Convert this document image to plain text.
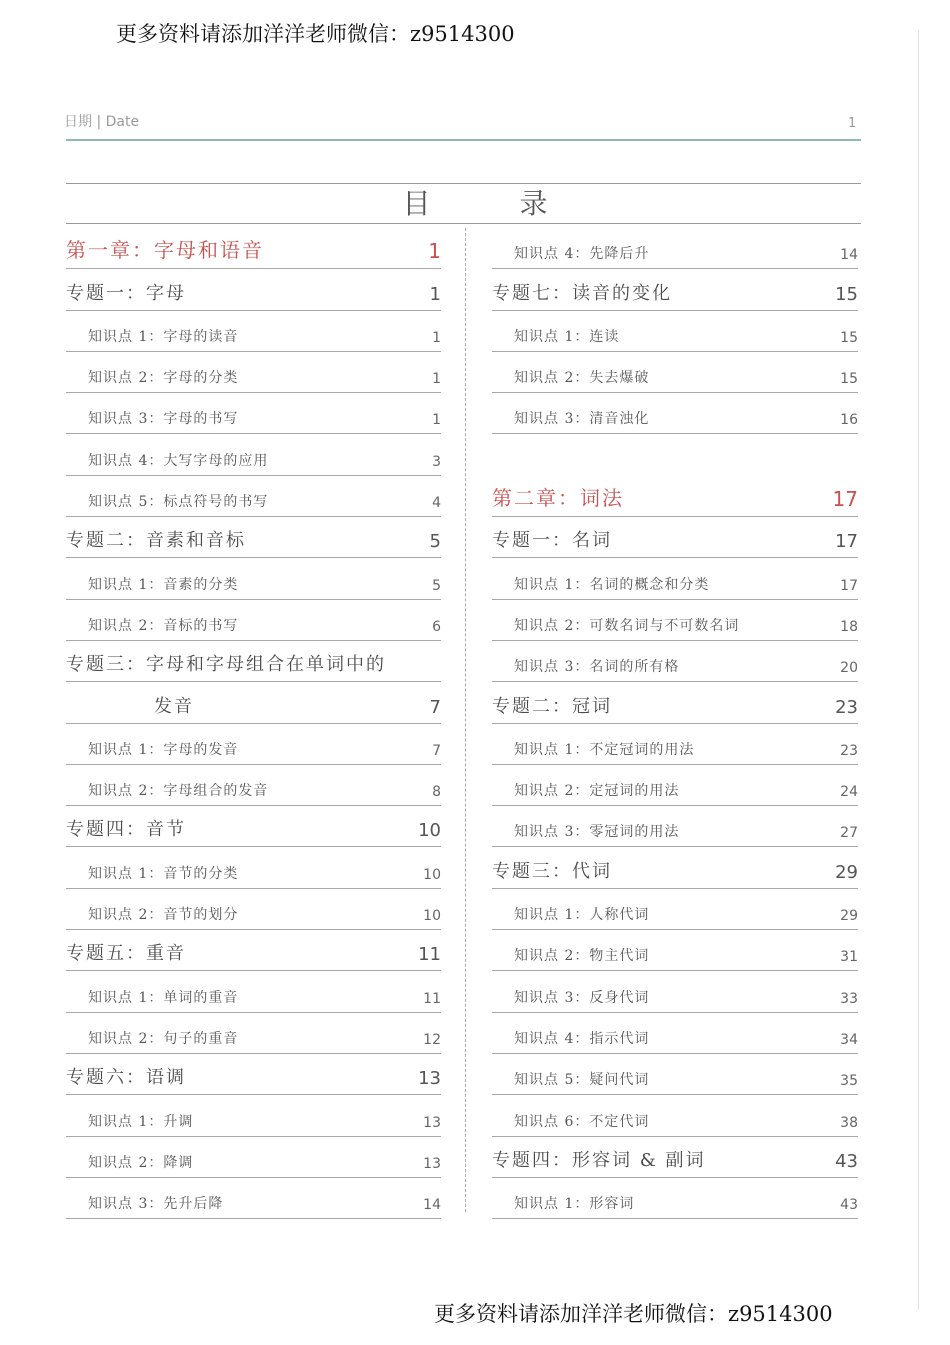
更多资料请添加洋洋老师微信：z9514300
日期 | Date	1
目 录
第一章：字母和语音	1
专题一：字母	1
知识点 1：字母的读音	1
知识点 2：字母的分类	1
知识点 3：字母的书写	1
知识点 4：大写字母的应用	3
知识点 5：标点符号的书写	4
专题二：音素和音标	5
知识点 1：音素的分类	5
知识点 2：音标的书写	6
专题三：字母和字母组合在单词中的
发音	7
知识点 1：字母的发音	7
知识点 2：字母组合的发音	8
专题四：音节	10
知识点 1：音节的分类	10
知识点 2：音节的划分	10
专题五：重音	11
知识点 1：单词的重音	11
知识点 2：句子的重音	12
专题六：语调	13
知识点 1：升调	13
知识点 2：降调	13
知识点 3：先升后降	14
知识点 4：先降后升	14
专题七：读音的变化	15
知识点 1：连读	15
知识点 2：失去爆破	15
知识点 3：清音浊化	16
第二章：词法	17
专题一：名词	17
知识点 1：名词的概念和分类	17
知识点 2：可数名词与不可数名词	18
知识点 3：名词的所有格	20
专题二：冠词	23
知识点 1：不定冠词的用法	23
知识点 2：定冠词的用法	24
知识点 3：零冠词的用法	27
专题三：代词	29
知识点 1：人称代词	29
知识点 2：物主代词	31
知识点 3：反身代词	33
知识点 4：指示代词	34
知识点 5：疑问代词	35
知识点 6：不定代词	38
专题四：形容词 & 副词	43
知识点 1：形容词	43
更多资料请添加洋洋老师微信：z9514300
